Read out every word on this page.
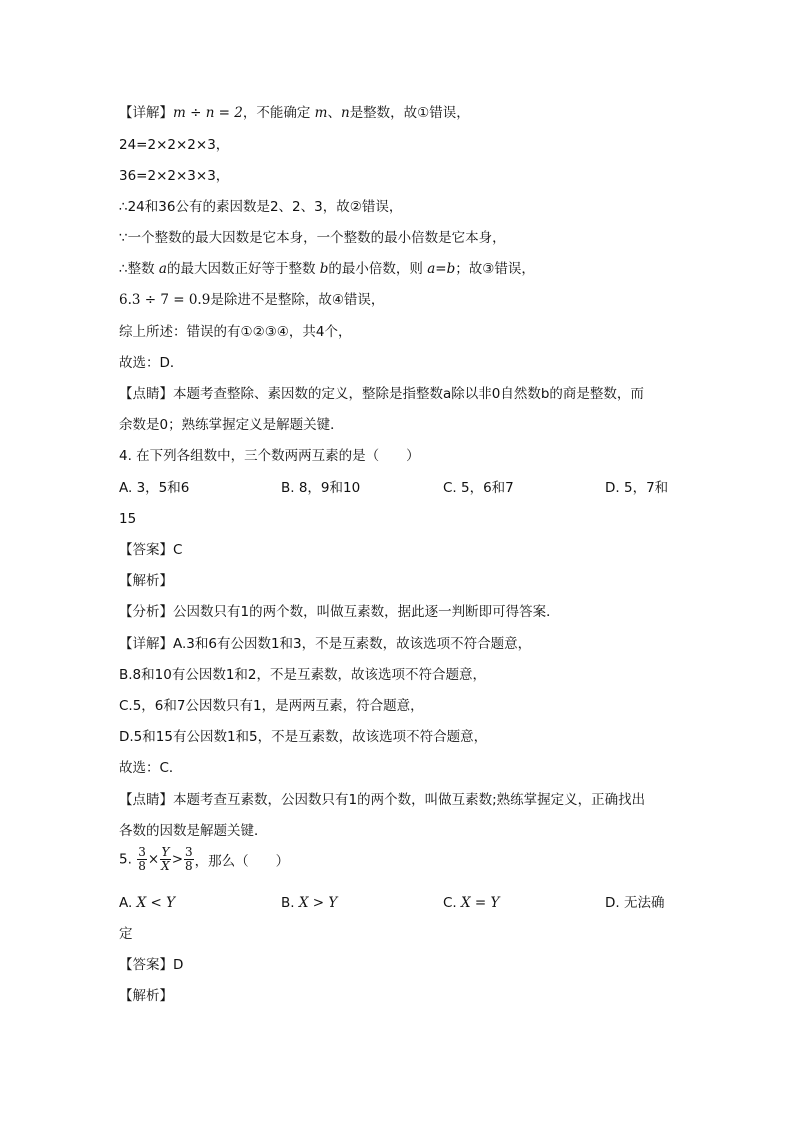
【详解】m ÷ n = 2，不能确定 m、n是整数，故①错误，
24=2×2×2×3，
36=2×2×3×3，
∴24和36公有的素因数是2、2、3，故②错误，
∵一个整数的最大因数是它本身，一个整数的最小倍数是它本身，
∴整数 a的最大因数正好等于整数 b的最小倍数，则 a=b；故③错误，
6.3 ÷ 7 = 0.9是除进不是整除，故④错误，
综上所述：错误的有①②③④，共4个，
故选：D．
【点睛】本题考查整除、素因数的定义，整除是指整数a除以非0自然数b的商是整数，而
余数是0；熟练掌握定义是解题关键．
4. 在下列各组数中，三个数两两互素的是（　　）
A. 3，5和6	B. 8，9和10	C. 5，6和7	D. 5，7和
15
【答案】C
【解析】
【分析】公因数只有1的两个数，叫做互素数，据此逐一判断即可得答案．
【详解】A.3和6有公因数1和3，不是互素数，故该选项不符合题意，
B.8和10有公因数1和2，不是互素数，故该选项不符合题意，
C.5，6和7公因数只有1，是两两互素，符合题意，
D.5和15有公因数1和5，不是互素数，故该选项不符合题意，
故选：C．
【点睛】本题考查互素数，公因数只有1的两个数，叫做互素数;熟练掌握定义，正确找出
各数的因数是解题关键．
5. $\frac{3}{8} \times \frac{Y}{X} > \frac{3}{8}$ ，那么（　　）
A. X < Y	B. X > Y	C. X = Y	D. 无法确
定
【答案】D
【解析】
